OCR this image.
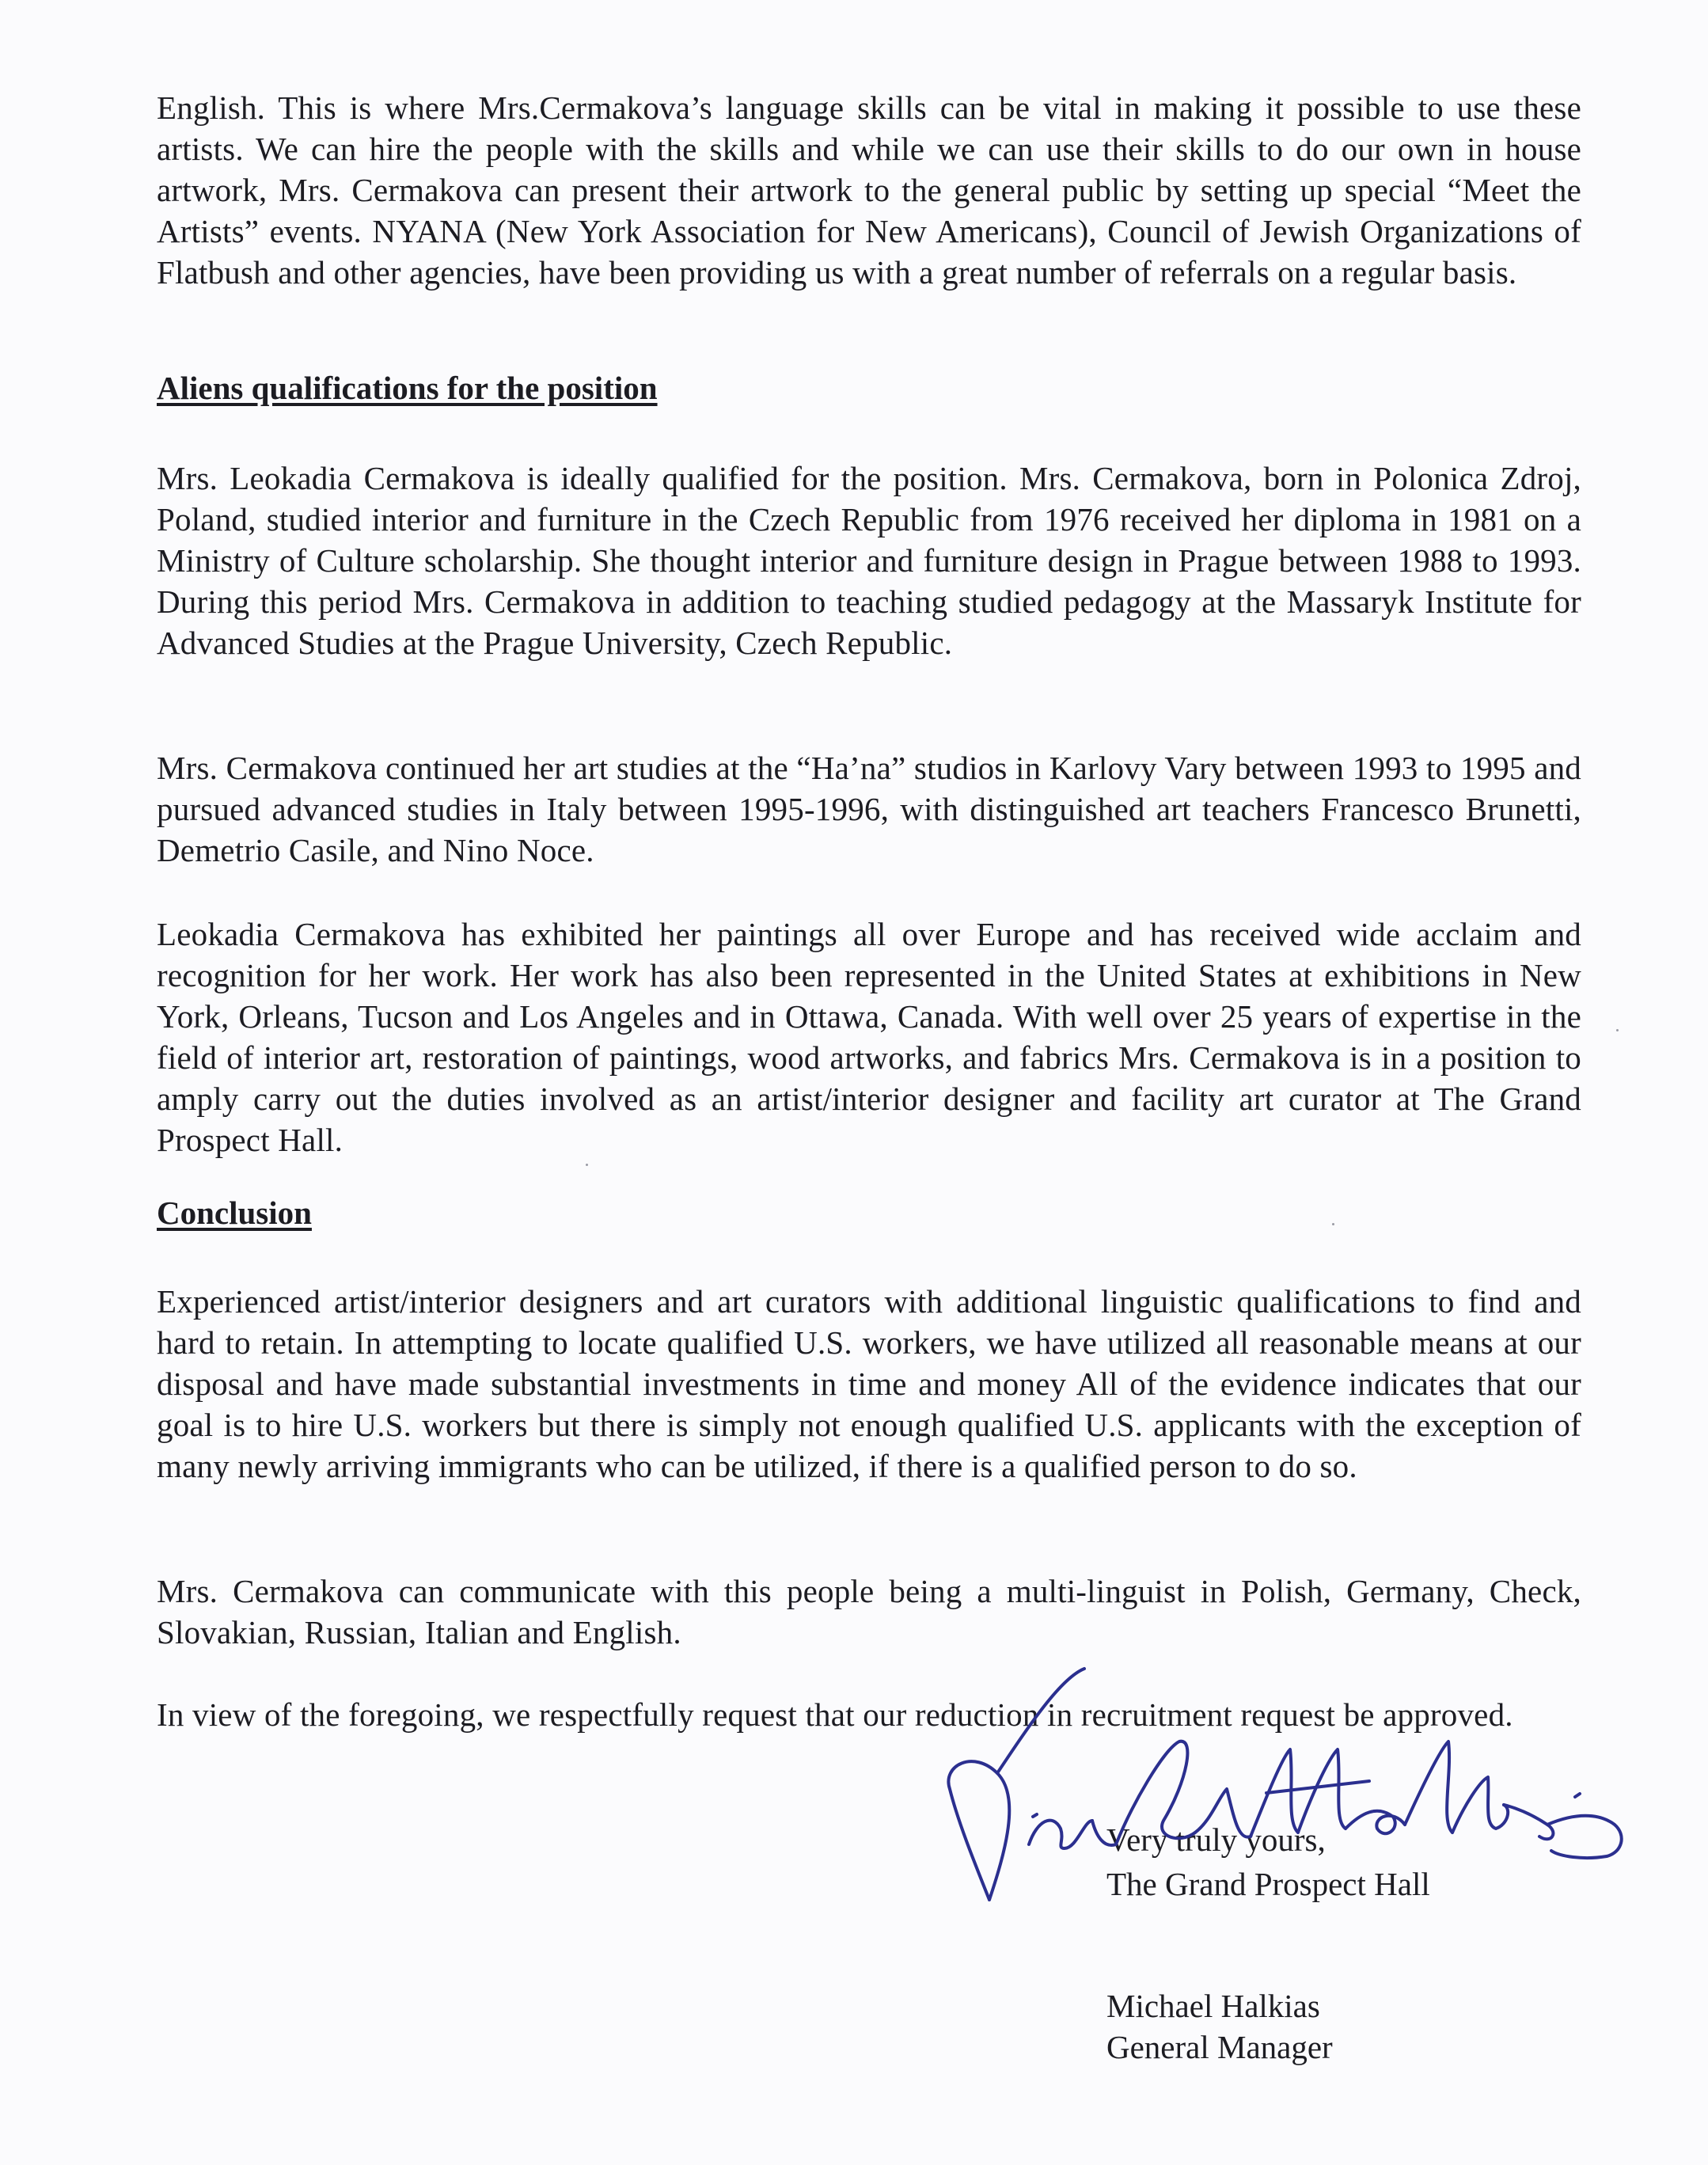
English. This is where Mrs.Cermakova’s language skills can be vital in making it possible to use these artists. We can hire the people with the skills and while we can use their skills to do our own in house artwork, Mrs. Cermakova can present their artwork to the general public by setting up special “Meet the Artists” events. NYANA (New York Association for New Americans), Council of Jewish Organizations of Flatbush and other agencies, have been providing us with a great number of referrals on a regular basis.

Aliens qualifications for the position

Mrs. Leokadia Cermakova is ideally qualified for the position. Mrs. Cermakova, born in Polonica Zdroj, Poland, studied interior and furniture in the Czech Republic from 1976 received her diploma in 1981 on a Ministry of Culture scholarship. She thought interior and furniture design in Prague between 1988 to 1993. During this period Mrs. Cermakova in addition to teaching studied pedagogy at the Massaryk Institute for Advanced Studies at the Prague University, Czech Republic.

Mrs. Cermakova continued her art studies at the “Ha’na” studios in Karlovy Vary between 1993 to 1995 and pursued advanced studies in Italy between 1995-1996, with distinguished art teachers Francesco Brunetti, Demetrio Casile, and Nino Noce.

Leokadia Cermakova has exhibited her paintings all over Europe and has received wide acclaim and recognition for her work. Her work has also been represented in the United States at exhibitions in New York, Orleans, Tucson and Los Angeles and in Ottawa, Canada. With well over 25 years of expertise in the field of interior art, restoration of paintings, wood artworks, and fabrics Mrs. Cermakova is in a position to amply carry out the duties involved as an artist/interior designer and facility art curator at The Grand Prospect Hall.

Conclusion

Experienced artist/interior designers and art curators with additional linguistic qualifications to find and hard to retain. In attempting to locate qualified U.S. workers, we have utilized all reasonable means at our disposal and have made substantial investments in time and money All of the evidence indicates that our goal is to hire U.S. workers but there is simply not enough qualified U.S. applicants with the exception of many newly arriving immigrants who can be utilized, if there is a qualified person to do so.

Mrs. Cermakova can communicate with this people being a multi-linguist in Polish, Germany, Check, Slovakian, Russian, Italian and English.

In view of the foregoing, we respectfully request that our reduction in recruitment request be approved.

Very truly yours,

The Grand Prospect Hall

Michael Halkias

General Manager
